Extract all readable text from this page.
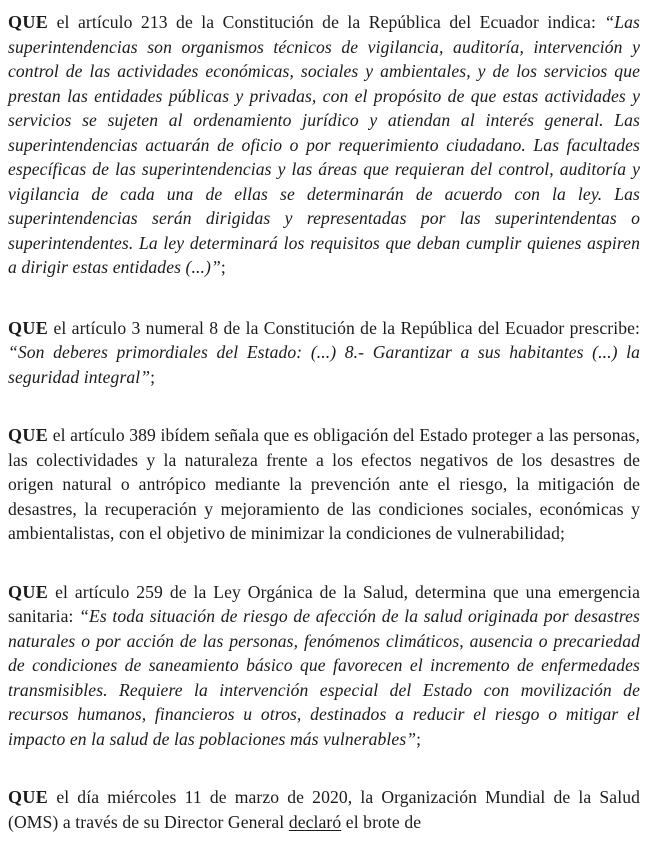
QUE el artículo 213 de la Constitución de la República del Ecuador indica: “Las superintendencias son organismos técnicos de vigilancia, auditoría, intervención y control de las actividades económicas, sociales y ambientales, y de los servicios que prestan las entidades públicas y privadas, con el propósito de que estas actividades y servicios se sujeten al ordenamiento jurídico y atiendan al interés general. Las superintendencias actuarán de oficio o por requerimiento ciudadano. Las facultades específicas de las superintendencias y las áreas que requieran del control, auditoría y vigilancia de cada una de ellas se determinarán de acuerdo con la ley. Las superintendencias serán dirigidas y representadas por las superintendentas o superintendentes. La ley determinará los requisitos que deban cumplir quienes aspiren a dirigir estas entidades (...)”;

QUE el artículo 3 numeral 8 de la Constitución de la República del Ecuador prescribe: “Son deberes primordiales del Estado: (...) 8.- Garantizar a sus habitantes (...) la seguridad integral”;

QUE el artículo 389 ibídem señala que es obligación del Estado proteger a las personas, las colectividades y la naturaleza frente a los efectos negativos de los desastres de origen natural o antrópico mediante la prevención ante el riesgo, la mitigación de desastres, la recuperación y mejoramiento de las condiciones sociales, económicas y ambientalistas, con el objetivo de minimizar la condiciones de vulnerabilidad;

QUE el artículo 259 de la Ley Orgánica de la Salud, determina que una emergencia sanitaria: “Es toda situación de riesgo de afección de la salud originada por desastres naturales o por acción de las personas, fenómenos climáticos, ausencia o precariedad de condiciones de saneamiento básico que favorecen el incremento de enfermedades transmisibles. Requiere la intervención especial del Estado con movilización de recursos humanos, financieros u otros, destinados a reducir el riesgo o mitigar el impacto en la salud de las poblaciones más vulnerables”;

QUE el día miércoles 11 de marzo de 2020, la Organización Mundial de la Salud (OMS) a través de su Director General declaró el brote de
